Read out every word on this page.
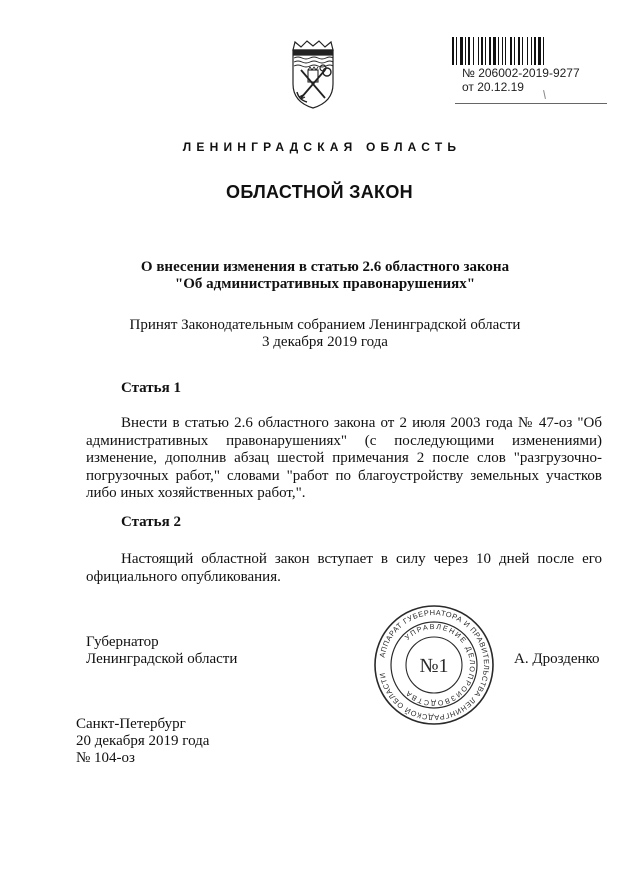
№ 206002-2019-9277
от 20.12.19
ЛЕНИНГРАДСКАЯ ОБЛАСТЬ
ОБЛАСТНОЙ ЗАКОН
О внесении изменения в статью 2.6 областного закона
"Об административных правонарушениях"
Принят Законодательным собранием Ленинградской области
3 декабря 2019 года
Статья 1
Внести в статью 2.6 областного закона от 2 июля 2003 года № 47-оз "Об административных правонарушениях" (с последующими изменениями) изменение, дополнив абзац шестой примечания 2 после слов "разгрузочно-погрузочных работ," словами "работ по благоустройству земельных участков либо иных хозяйственных работ,".
Статья 2
Настоящий областной закон вступает в силу через 10 дней после его официального опубликования.
Губернатор
Ленинградской области	А. Дрозденко
АППАРАТ ГУБЕРНАТОРА И ПРАВИТЕЛЬСТВА ЛЕНИНГРАДСКОЙ ОБЛАСТИ
УПРАВЛЕНИЕ ДЕЛОПРОИЗВОДСТВА
№1
Санкт-Петербург
20 декабря 2019 года
№ 104-оз
